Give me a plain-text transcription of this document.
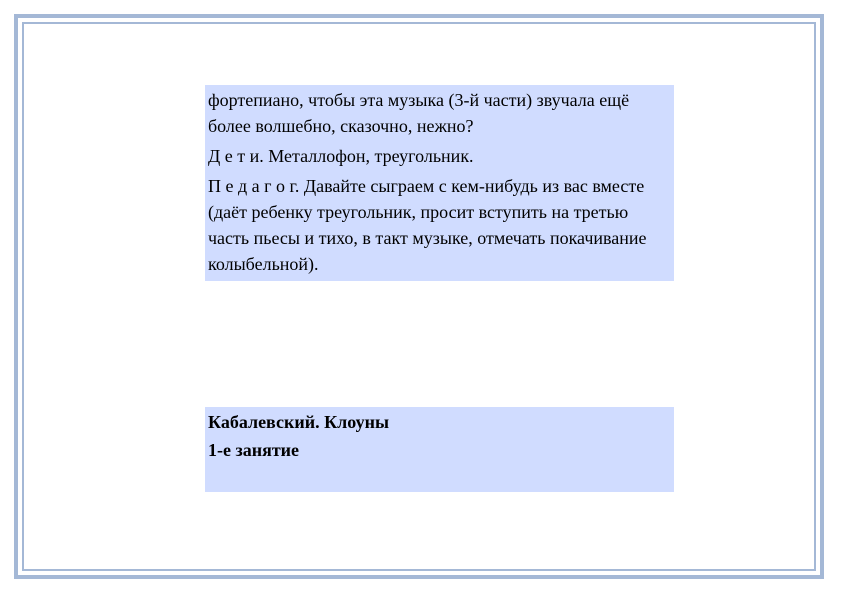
фортепиано, чтобы эта музыка (3-й части) звучала ещё более волшебно, сказочно, нежно?

Д е т и. Металлофон, треугольник.

П е д а г о г. Давайте сыграем с кем-нибудь из вас вместе (даёт ребенку треугольник, просит вступить на третью часть пьесы и тихо, в такт музыке, отмечать покачивание колыбельной).

Кабалевский. Клоуны
1-е занятие
